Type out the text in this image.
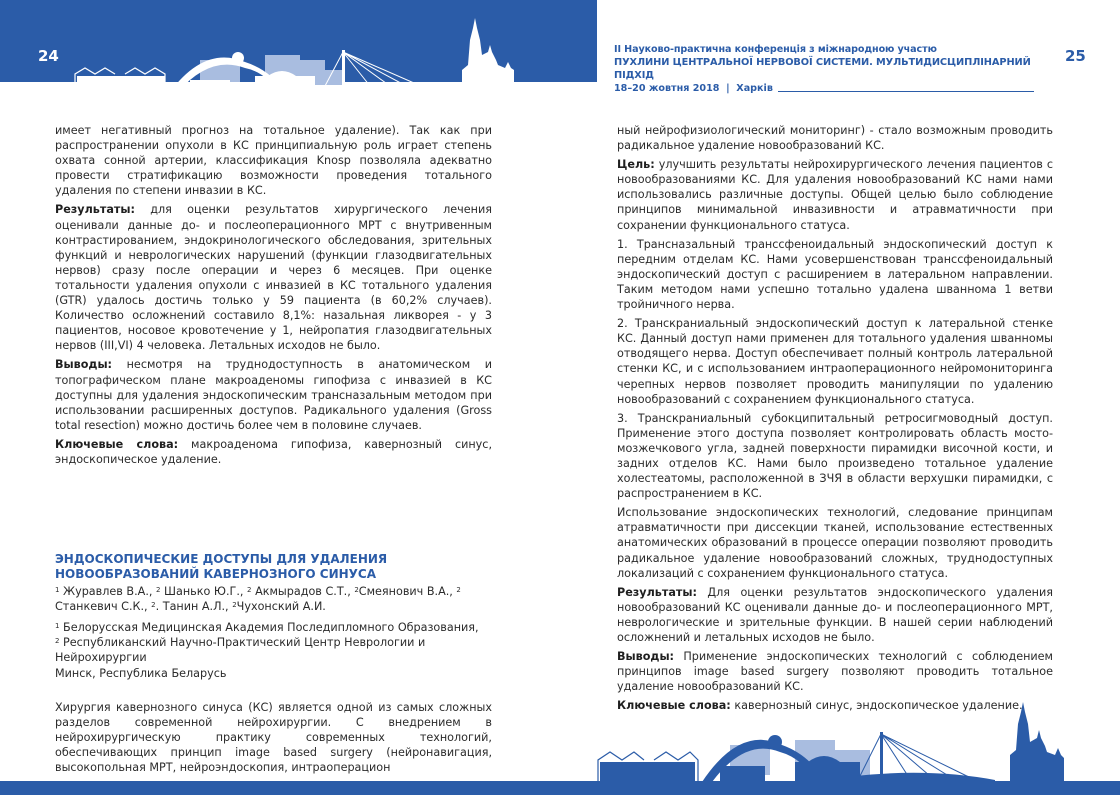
24	II Науково-практична конференція з міжнародною участю
ПУХЛИНИ ЦЕНТРАЛЬНОЇ НЕРВОВОЇ СИСТЕМИ. МУЛЬТИДИСЦИПЛІНАРНИЙ ПІДХІД
18–20 жовтня 2018  |  Харків
25

имеет негативный прогноз на тотальное удаление). Так как при распространении опухоли в КС принципиальную роль играет степень охвата сонной артерии, классификация Knosp позволяла адекватно провести стратификацию возможности проведения тотального удаления по степени инвазии в КС.

Результаты: для оценки результатов хирургического лечения оценивали данные до- и послеоперационного МРТ с внутривенным контрастированием, эндокринологического обследования, зрительных функций и неврологических нарушений (функции глазодвигательных нервов) сразу после операции и через 6 месяцев. При оценке тотальности удаления опухоли с инвазией в КС тотального удаления (GTR) удалось достичь только у 59 пациента (в 60,2% случаев). Количество осложнений составило 8,1%: назальная ликворея - у 3 пациентов, носовое кровотечение у 1, нейропатия глазодвигательных нервов (III,VI) 4 человека. Летальных исходов не было.

Выводы: несмотря на труднодоступность в анатомическом и топографическом плане макроаденомы гипофиза с инвазией в КС доступны для удаления эндоскопическим трансназальным методом при использовании расширенных доступов. Радикального удаления (Gross total resection) можно достичь более чем в половине случаев.

Ключевые слова: макроаденома гипофиза, кавернозный синус, эндоскопическое удаление.

ЭНДОСКОПИЧЕСКИЕ ДОСТУПЫ ДЛЯ УДАЛЕНИЯ
НОВООБРАЗОВАНИЙ КАВЕРНОЗНОГО СИНУСА

$^1$ Журавлев В.А., $^2$ Шанько Ю.Г., $^2$ Акмырадов С.Т., $^2$Смеянович В.А., $^2$ Станкевич С.К., $^2$. Танин А.Л., $^2$Чухонский А.И.

$^1$ Белорусская Медицинская Академия Последипломного Образования,

$^2$ Республиканский Научно-Практический Центр Неврологии и Нейрохирургии

Минск, Республика Беларусь

Хирургия кавернозного синуса (КС) является одной из самых сложных разделов современной нейрохирургии. С внедрением в нейрохирургическую практику современных технологий, обеспечивающих принцип image based surgery (нейронавигация, высокопольная МРТ, нейроэндоскопия, интраоперацион

ный нейрофизиологический мониторинг) - стало возможным проводить радикальное удаление новообразований КС.

Цель: улучшить результаты нейрохирургического лечения пациентов с новообразованиями КС. Для удаления новообразований КС нами нами использовались различные доступы. Общей целью было соблюдение принципов минимальной инвазивности и атравматичности при сохранении функционального статуса.

1. Трансназальный транссфеноидальный эндоскопический доступ к передним отделам КС. Нами усовершенствован транссфеноидальный эндоскопический доступ с расширением в латеральном направлении. Таким методом нами успешно тотально удалена шваннома 1 ветви тройничного нерва.

2. Транскраниальный эндоскопический доступ к латеральной стенке КС. Данный доступ нами применен для тотального удаления шванномы отводящего нерва. Доступ обеспечивает полный контроль латеральной стенки КС, и с использованием интраоперационного нейромониторинга черепных нервов позволяет проводить манипуляции по удалению новообразований с сохранением функционального статуса.

3. Транскраниальный субокципитальный ретросигмоводный доступ. Применение этого доступа позволяет контролировать область мосто-мозжечкового угла, задней поверхности пирамидки височной кости, и задних отделов КС. Нами было произведено тотальное удаление холестеатомы, расположенной в ЗЧЯ в области верхушки пирамидки, с распространением в КС.

Использование эндоскопических технологий, следование принципам атравматичности при диссекции тканей, использование естественных анатомических образований в процессе операции позволяют проводить радикальное удаление новообразований сложных, труднодоступных локализаций с сохранением функционального статуса.

Результаты: Для оценки результатов эндоскопического удаления новообразований КС оценивали данные до- и послеоперационного МРТ, неврологические и зрительные функции. В нашей серии наблюдений осложнений и летальных исходов не было.

Выводы: Применение эндоскопических технологий с соблюдением принципов image based surgery позволяют проводить тотальное удаление новообразований КС.

Ключевые слова: кавернозный синус, эндоскопическое удаление.
